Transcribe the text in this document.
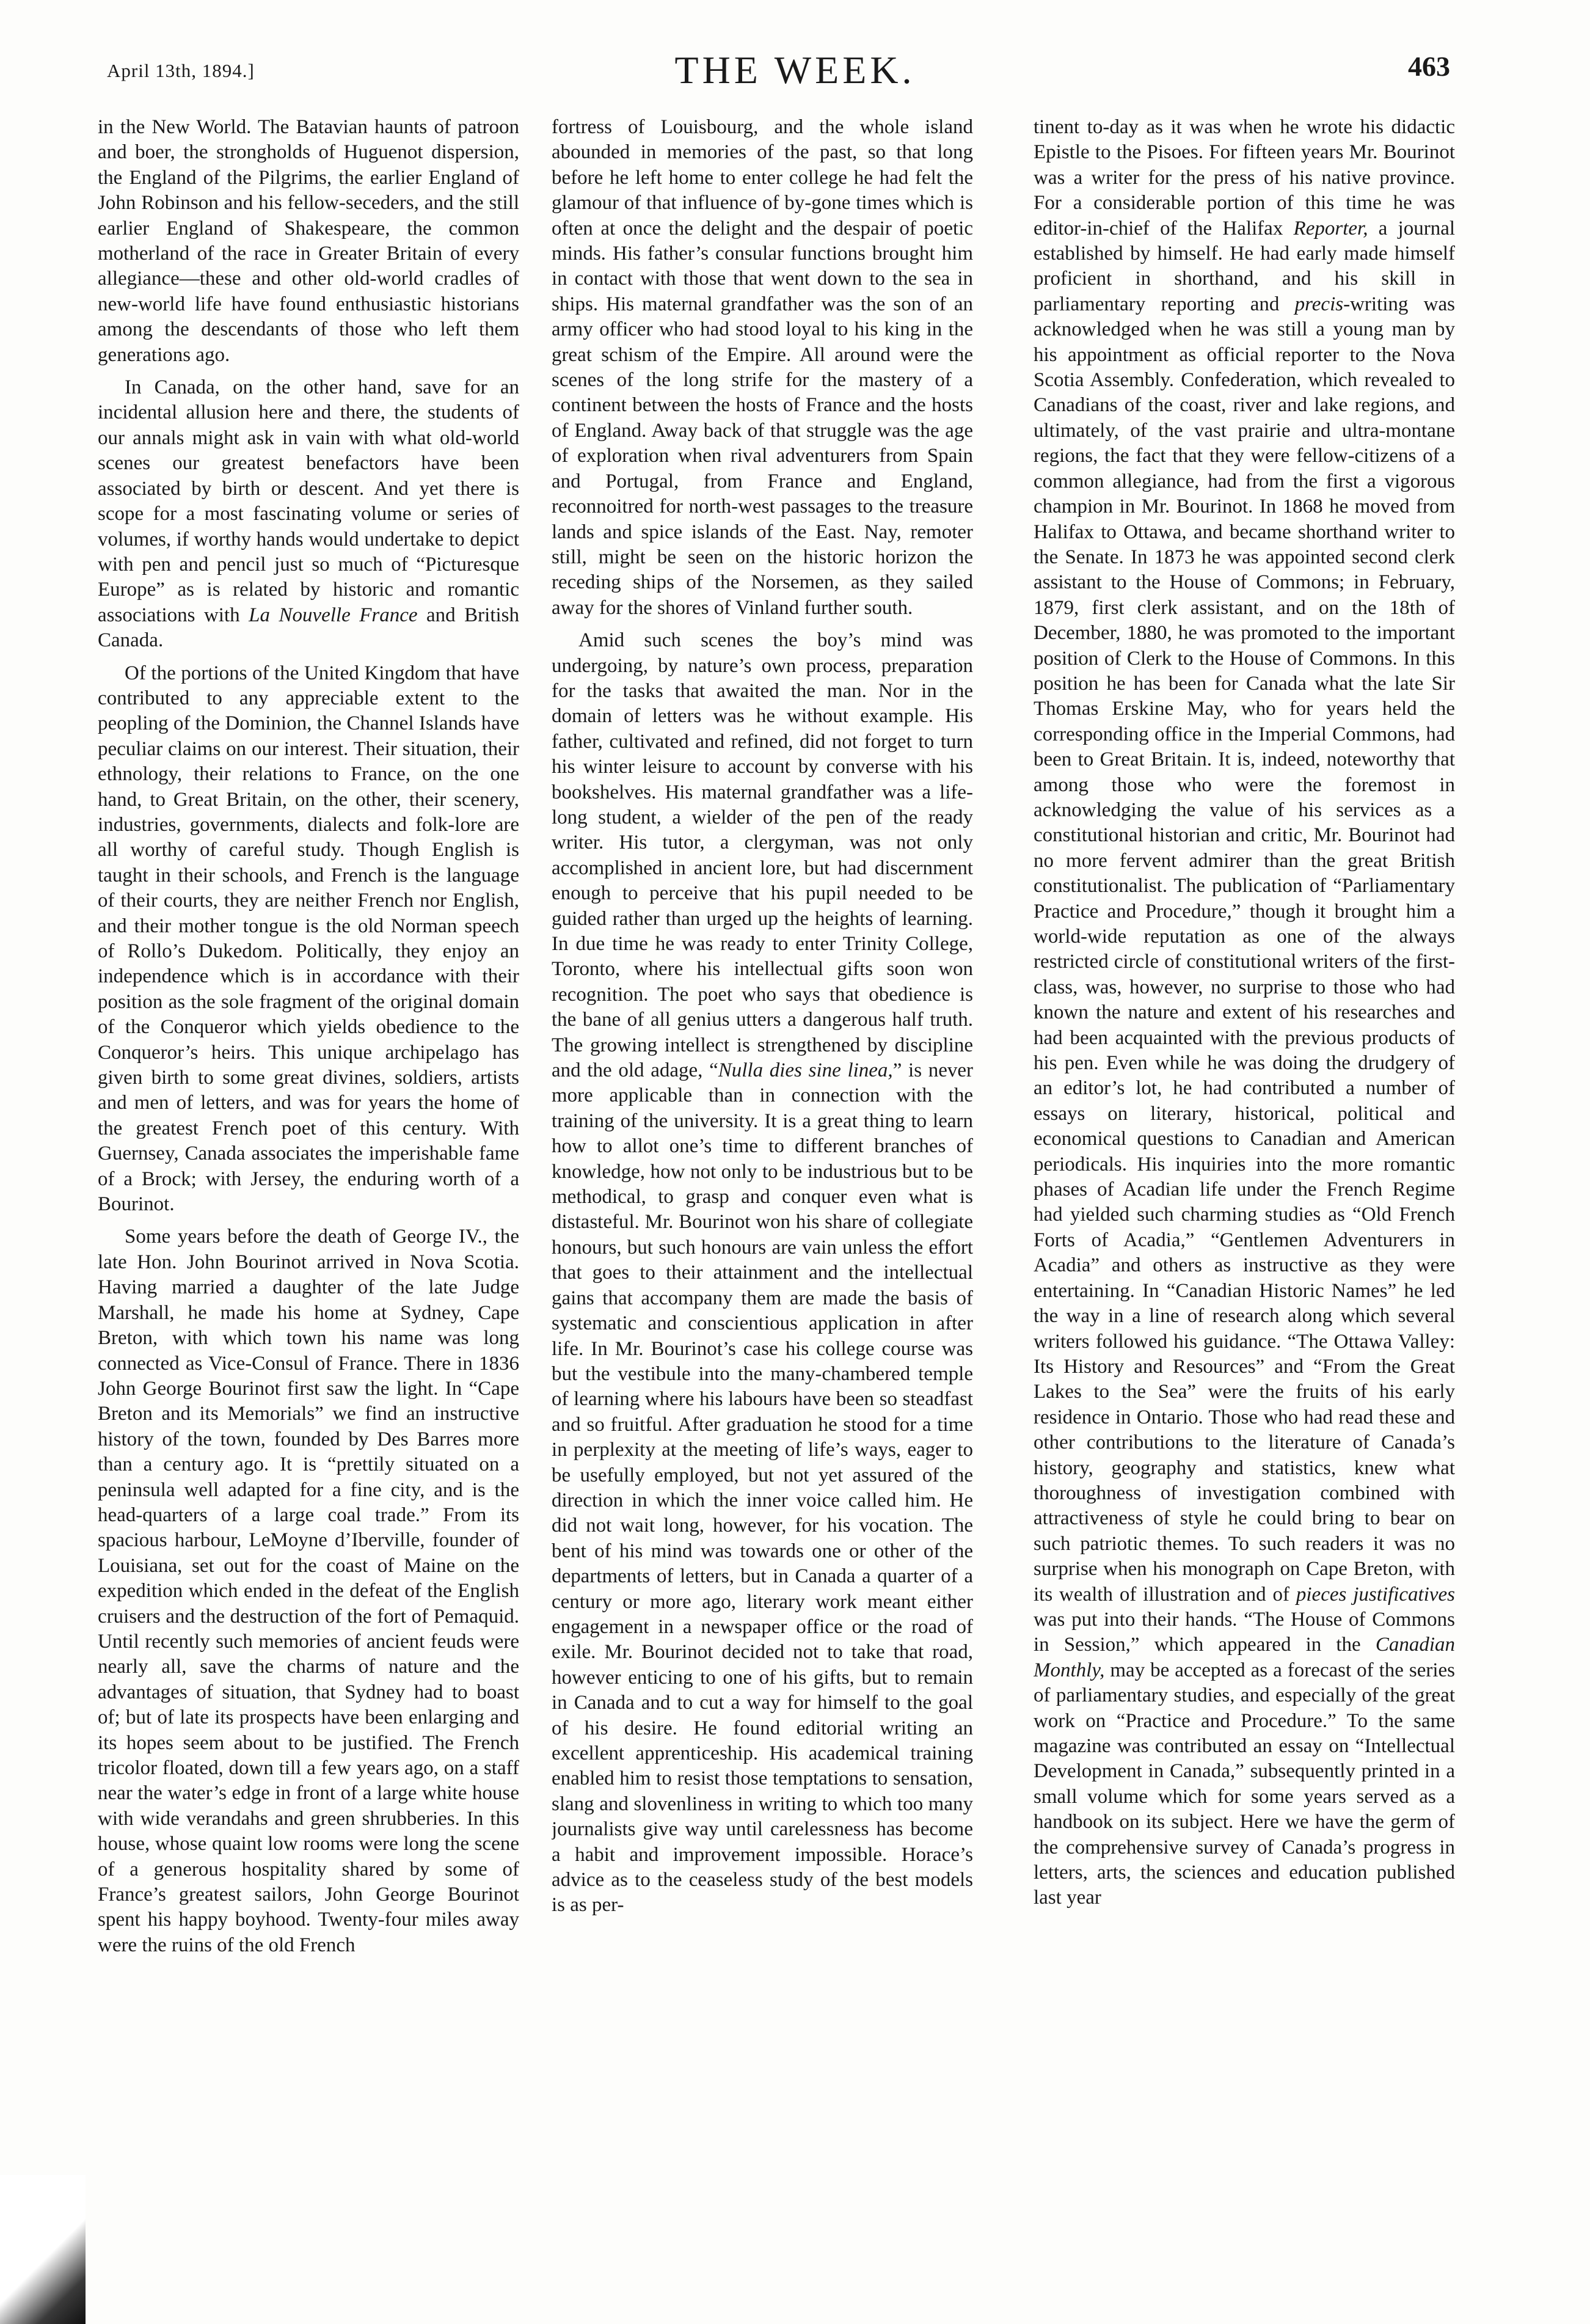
April 13th, 1894.]	THE WEEK.	463

in the New World. The Batavian haunts of patroon and boer, the strongholds of Huguenot dispersion, the England of the Pilgrims, the earlier England of John Robinson and his fellow-seceders, and the still earlier England of Shakespeare, the common motherland of the race in Greater Britain of every allegiance—these and other old-world cradles of new-world life have found enthusiastic historians among the descendants of those who left them generations ago.

In Canada, on the other hand, save for an incidental allusion here and there, the students of our annals might ask in vain with what old-world scenes our greatest benefactors have been associated by birth or descent. And yet there is scope for a most fascinating volume or series of volumes, if worthy hands would undertake to depict with pen and pencil just so much of “Picturesque Europe” as is related by historic and romantic associations with La Nouvelle France and British Canada.

Of the portions of the United Kingdom that have contributed to any appreciable extent to the peopling of the Dominion, the Channel Islands have peculiar claims on our interest. Their situation, their ethnology, their relations to France, on the one hand, to Great Britain, on the other, their scenery, industries, governments, dialects and folk-lore are all worthy of careful study. Though English is taught in their schools, and French is the language of their courts, they are neither French nor English, and their mother tongue is the old Norman speech of Rollo’s Dukedom. Politically, they enjoy an independence which is in accordance with their position as the sole fragment of the original domain of the Conqueror which yields obedience to the Conqueror’s heirs. This unique archipelago has given birth to some great divines, soldiers, artists and men of letters, and was for years the home of the greatest French poet of this century. With Guernsey, Canada associates the imperishable fame of a Brock; with Jersey, the enduring worth of a Bourinot.

Some years before the death of George IV., the late Hon. John Bourinot arrived in Nova Scotia. Having married a daughter of the late Judge Marshall, he made his home at Sydney, Cape Breton, with which town his name was long connected as Vice-Consul of France. There in 1836 John George Bourinot first saw the light. In “Cape Breton and its Memorials” we find an instructive history of the town, founded by Des Barres more than a century ago. It is “prettily situated on a peninsula well adapted for a fine city, and is the head-quarters of a large coal trade.” From its spacious harbour, LeMoyne d’Iberville, founder of Louisiana, set out for the coast of Maine on the expedition which ended in the defeat of the English cruisers and the destruction of the fort of Pemaquid. Until recently such memories of ancient feuds were nearly all, save the charms of nature and the advantages of situation, that Sydney had to boast of; but of late its prospects have been enlarging and its hopes seem about to be justified. The French tricolor floated, down till a few years ago, on a staff near the water’s edge in front of a large white house with wide verandahs and green shrubberies. In this house, whose quaint low rooms were long the scene of a generous hospitality shared by some of France’s greatest sailors, John George Bourinot spent his happy boyhood. Twenty-four miles away were the ruins of the old French

fortress of Louisbourg, and the whole island abounded in memories of the past, so that long before he left home to enter college he had felt the glamour of that influence of by-gone times which is often at once the delight and the despair of poetic minds. His father’s consular functions brought him in contact with those that went down to the sea in ships. His maternal grandfather was the son of an army officer who had stood loyal to his king in the great schism of the Empire. All around were the scenes of the long strife for the mastery of a continent between the hosts of France and the hosts of England. Away back of that struggle was the age of exploration when rival adventurers from Spain and Portugal, from France and England, reconnoitred for north-west passages to the treasure lands and spice islands of the East. Nay, remoter still, might be seen on the historic horizon the receding ships of the Norsemen, as they sailed away for the shores of Vinland further south.

Amid such scenes the boy’s mind was undergoing, by nature’s own process, preparation for the tasks that awaited the man. Nor in the domain of letters was he without example. His father, cultivated and refined, did not forget to turn his winter leisure to account by converse with his bookshelves. His maternal grandfather was a life-long student, a wielder of the pen of the ready writer. His tutor, a clergyman, was not only accomplished in ancient lore, but had discernment enough to perceive that his pupil needed to be guided rather than urged up the heights of learning. In due time he was ready to enter Trinity College, Toronto, where his intellectual gifts soon won recognition. The poet who says that obedience is the bane of all genius utters a dangerous half truth. The growing intellect is strengthened by discipline and the old adage, “Nulla dies sine linea,” is never more applicable than in connection with the training of the university. It is a great thing to learn how to allot one’s time to different branches of knowledge, how not only to be industrious but to be methodical, to grasp and conquer even what is distasteful. Mr. Bourinot won his share of collegiate honours, but such honours are vain unless the effort that goes to their attainment and the intellectual gains that accompany them are made the basis of systematic and conscientious application in after life. In Mr. Bourinot’s case his college course was but the vestibule into the many-chambered temple of learning where his labours have been so steadfast and so fruitful. After graduation he stood for a time in perplexity at the meeting of life’s ways, eager to be usefully employed, but not yet assured of the direction in which the inner voice called him. He did not wait long, however, for his vocation. The bent of his mind was towards one or other of the departments of letters, but in Canada a quarter of a century or more ago, literary work meant either engagement in a newspaper office or the road of exile. Mr. Bourinot decided not to take that road, however enticing to one of his gifts, but to remain in Canada and to cut a way for himself to the goal of his desire. He found editorial writing an excellent apprenticeship. His academical training enabled him to resist those temptations to sensation, slang and slovenliness in writing to which too many journalists give way until carelessness has become a habit and improvement impossible. Horace’s advice as to the ceaseless study of the best models is as per-

tinent to-day as it was when he wrote his didactic Epistle to the Pisoes. For fifteen years Mr. Bourinot was a writer for the press of his native province. For a considerable portion of this time he was editor-in-chief of the Halifax Reporter, a journal established by himself. He had early made himself proficient in shorthand, and his skill in parliamentary reporting and precis-writing was acknowledged when he was still a young man by his appointment as official reporter to the Nova Scotia Assembly. Confederation, which revealed to Canadians of the coast, river and lake regions, and ultimately, of the vast prairie and ultra-montane regions, the fact that they were fellow-citizens of a common allegiance, had from the first a vigorous champion in Mr. Bourinot. In 1868 he moved from Halifax to Ottawa, and became shorthand writer to the Senate. In 1873 he was appointed second clerk assistant to the House of Commons; in February, 1879, first clerk assistant, and on the 18th of December, 1880, he was promoted to the important position of Clerk to the House of Commons. In this position he has been for Canada what the late Sir Thomas Erskine May, who for years held the corresponding office in the Imperial Commons, had been to Great Britain. It is, indeed, noteworthy that among those who were the foremost in acknowledging the value of his services as a constitutional historian and critic, Mr. Bourinot had no more fervent admirer than the great British constitutionalist. The publication of “Parliamentary Practice and Procedure,” though it brought him a world-wide reputation as one of the always restricted circle of constitutional writers of the first-class, was, however, no surprise to those who had known the nature and extent of his researches and had been acquainted with the previous products of his pen. Even while he was doing the drudgery of an editor’s lot, he had contributed a number of essays on literary, historical, political and economical questions to Canadian and American periodicals. His inquiries into the more romantic phases of Acadian life under the French Regime had yielded such charming studies as “Old French Forts of Acadia,” “Gentlemen Adventurers in Acadia” and others as instructive as they were entertaining. In “Canadian Historic Names” he led the way in a line of research along which several writers followed his guidance. “The Ottawa Valley: Its History and Resources” and “From the Great Lakes to the Sea” were the fruits of his early residence in Ontario. Those who had read these and other contributions to the literature of Canada’s history, geography and statistics, knew what thoroughness of investigation combined with attractiveness of style he could bring to bear on such patriotic themes. To such readers it was no surprise when his monograph on Cape Breton, with its wealth of illustration and of pieces justificatives was put into their hands. “The House of Commons in Session,” which appeared in the Canadian Monthly, may be accepted as a forecast of the series of parliamentary studies, and especially of the great work on “Practice and Procedure.” To the same magazine was contributed an essay on “Intellectual Development in Canada,” subsequently printed in a small volume which for some years served as a handbook on its subject. Here we have the germ of the comprehensive survey of Canada’s progress in letters, arts, the sciences and education published last year
